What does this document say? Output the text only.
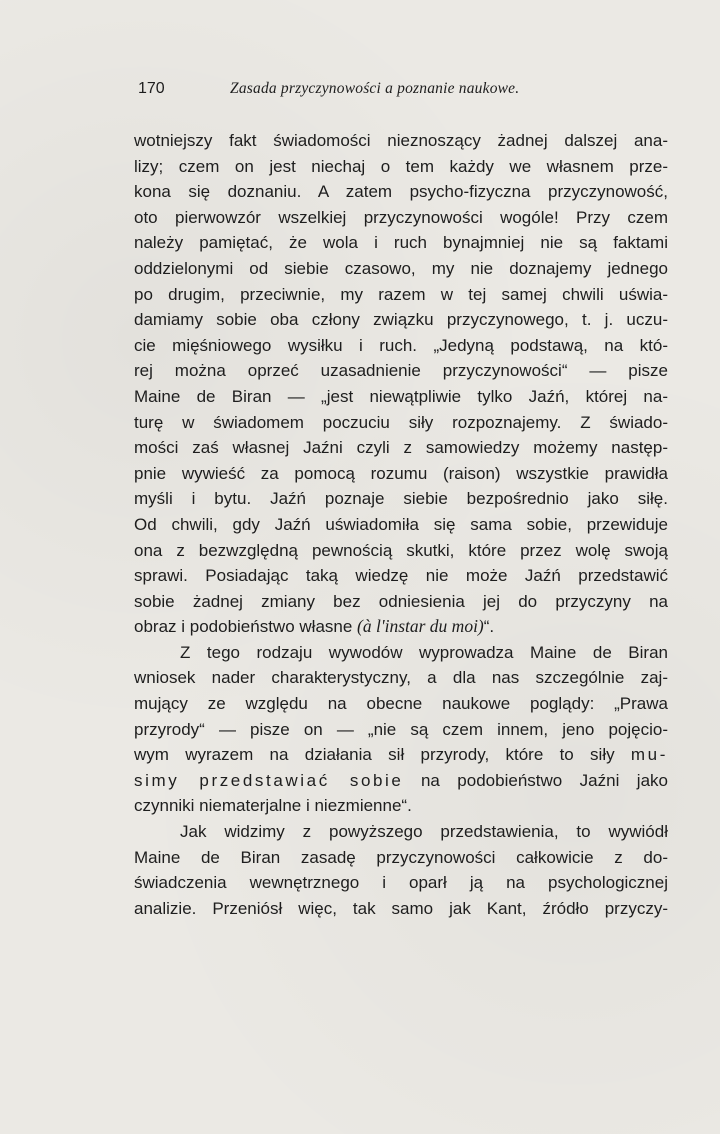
170	Zasada przyczynowości a poznanie naukowe.
wotniejszy fakt świadomości nieznoszący żadnej dalszej ana-
lizy; czem on jest niechaj o tem każdy we własnem prze-
kona się doznaniu. A zatem psycho-fizyczna przyczynowość,
oto pierwowzór wszelkiej przyczynowości wogóle! Przy czem
należy pamiętać, że wola i ruch bynajmniej nie są faktami
oddzielonymi od siebie czasowo, my nie doznajemy jednego
po drugim, przeciwnie, my razem w tej samej chwili uświa-
damiamy sobie oba człony związku przyczynowego, t. j. uczu-
cie mięśniowego wysiłku i ruch. „Jedyną podstawą, na któ-
rej można oprzeć uzasadnienie przyczynowości“ — pisze
Maine de Biran — „jest niewątpliwie tylko Jaźń, której na-
turę w świadomem poczuciu siły rozpoznajemy. Z świado-
mości zaś własnej Jaźni czyli z samowiedzy możemy następ-
pnie wywieść za pomocą rozumu (raison) wszystkie prawidła
myśli i bytu. Jaźń poznaje siebie bezpośrednio jako siłę.
Od chwili, gdy Jaźń uświadomiła się sama sobie, przewiduje
ona z bezwzględną pewnością skutki, które przez wolę swoją
sprawi. Posiadając taką wiedzę nie może Jaźń przedstawić
sobie żadnej zmiany bez odniesienia jej do przyczyny na
obraz i podobieństwo własne (à l'instar du moi)“.
Z tego rodzaju wywodów wyprowadza Maine de Biran
wniosek nader charakterystyczny, a dla nas szczególnie zaj-
mujący ze względu na obecne naukowe poglądy: „Prawa
przyrody“ — pisze on — „nie są czem innem, jeno pojęcio-
wym wyrazem na działania sił przyrody, które to siły mu-
simy przedstawiać sobie na podobieństwo Jaźni jako
czynniki niematerjalne i niezmienne“.
Jak widzimy z powyższego przedstawienia, to wywiódł
Maine de Biran zasadę przyczynowości całkowicie z do-
świadczenia wewnętrznego i oparł ją na psychologicznej
analizie. Przeniósł więc, tak samo jak Kant, źródło przyczy-
